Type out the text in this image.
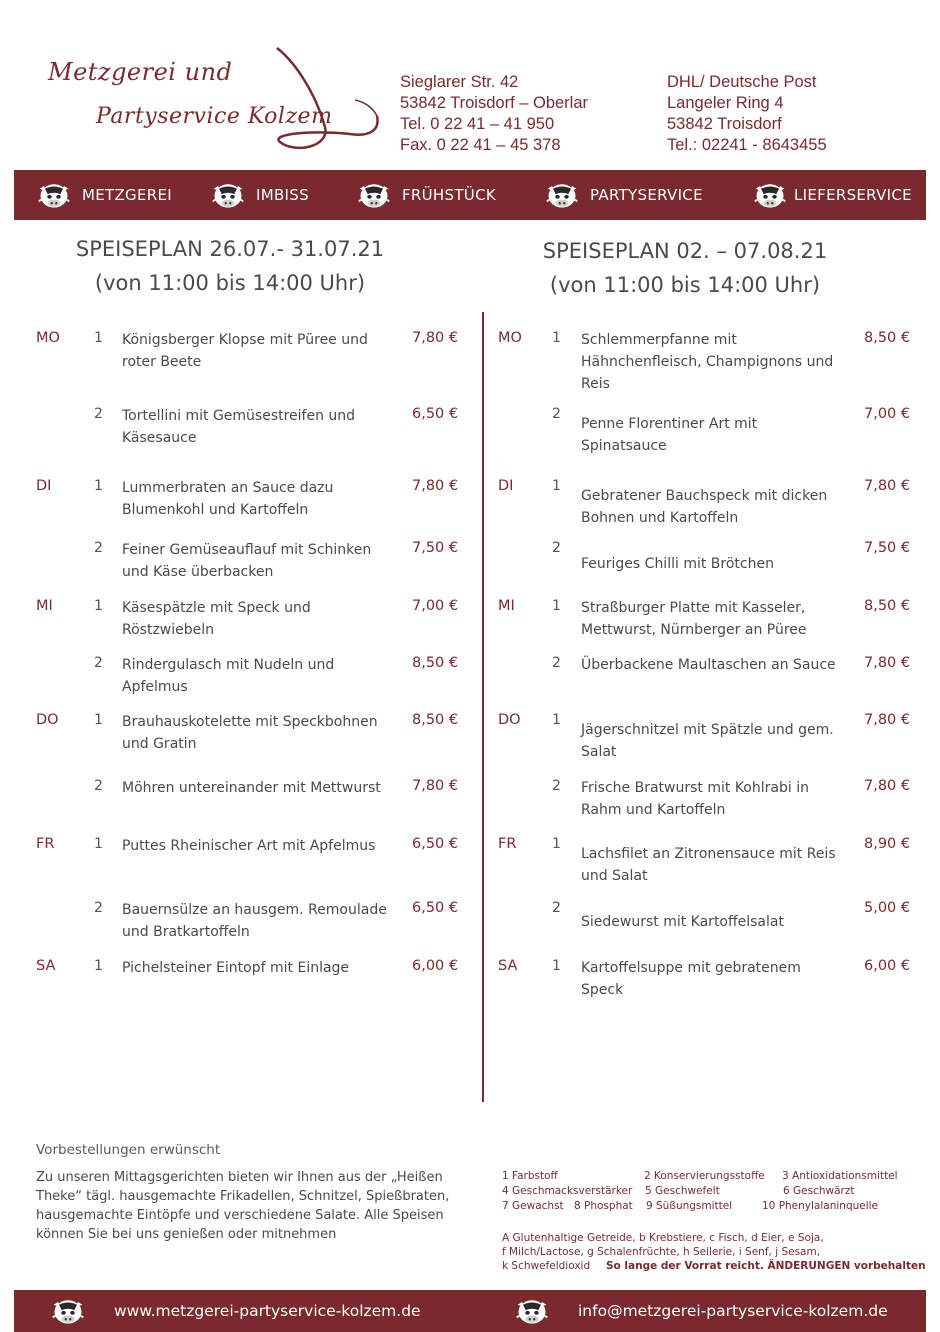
Metzgerei und
Partyservice Kolzem
Sieglarer Str. 42
53842 Troisdorf – Oberlar
Tel. 0 22 41 – 41 950
Fax. 0 22 41 – 45 378
DHL/ Deutsche Post
Langeler Ring 4
53842 Troisdorf
Tel.: 02241 - 8643455
METZGEREI	IMBISS	FRÜHSTÜCK	PARTYSERVICE	LIEFERSERVICE
SPEISEPLAN 26.07.- 31.07.21
(von 11:00 bis 14:00 Uhr)
SPEISEPLAN 02. – 07.08.21
(von 11:00 bis 14:00 Uhr)
MO 1 Königsberger Klopse mit Püree und roter Beete
7,80 €
2 Tortellini mit Gemüsestreifen und Käsesauce
6,50 €
DI	1 Lummerbraten an Sauce dazu Blumenkohl und Kartoffeln
7,80 €
2 Feiner Gemüseauflauf mit Schinken und Käse überbacken
7,50 €
MI	1 Käsespätzle mit Speck und Röstzwiebeln
7,00 €
2 Rindergulasch mit Nudeln und Apfelmus
8,50 €
DO	1 Brauhauskotelette mit Speckbohnen und Gratin
8,50 €
2 Möhren untereinander mit Mettwurst	7,80 €
FR	1 Puttes Rheinischer Art mit Apfelmus	6,50 €
2 Bauernsülze an hausgem. Remoulade und Bratkartoffeln
6,50 €
SA	1 Pichelsteiner Eintopf mit Einlage	6,00 €
MO 1 Schlemmerpfanne mit Hähnchenfleisch, Champignons und Reis
8,50 €
2
Penne Florentiner Art mit Spinatsauce
7,00 €
DI	1
Gebratener Bauchspeck mit dicken Bohnen und Kartoffeln
7,80 €
2
Feuriges Chilli mit Brötchen
7,50 €
MI	1 Straßburger Platte mit Kasseler, Mettwurst, Nürnberger an Püree
8,50 €
2 Überbackene Maultaschen an Sauce	7,80 €
DO 1
Jägerschnitzel mit Spätzle und gem. Salat
7,80 €
2 Frische Bratwurst mit Kohlrabi in Rahm und Kartoffeln
7,80 €
FR	1
Lachsfilet an Zitronensauce mit Reis und Salat
8,90 €
2
Siedewurst mit Kartoffelsalat
5,00 €
SA 1 Kartoffelsuppe mit gebratenem Speck
6,00 €
Vorbestellungen erwünscht
Zu unseren Mittagsgerichten bieten wir Ihnen aus der „Heißen Theke“ tägl. hausgemachte Frikadellen, Schnitzel, Spießbraten, hausgemachte Eintöpfe und verschiedene Salate. Alle Speisen können Sie bei uns genießen oder mitnehmen
1 Farbstoff	2 Konservierungsstoffe 3 Antioxidationsmittel
4 Geschmacksverstärker 5 Geschwefelt	6 Geschwärzt
7 Gewachst 8 Phosphat 9 Süßungsmittel	10 Phenylalaninquelle
A Glutenhaltige Getreide, b Krebstiere, c Fisch, d Eier, e Soja,
f Milch/Lactose, g Schalenfrüchte, h Sellerie, i Senf, j Sesam,
k Schwefeldioxid So lange der Vorrat reicht. ÄNDERUNGEN vorbehalten
www.metzgerei-partyservice-kolzem.de	info@metzgerei-partyservice-kolzem.de
